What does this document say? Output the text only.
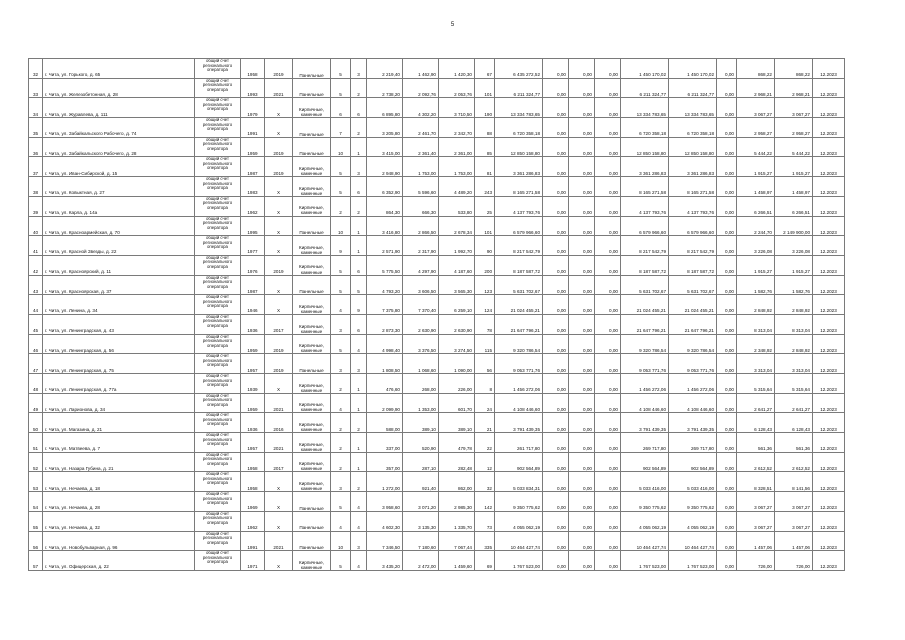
5
32	г. Чита, ул. Горького, д. 65	общий счет регионального оператора	1958	2019	Панельные	5	3	2 219,40	1 462,90	1 420,30	67	6 435 272,52	0,00	0,00	0,00	1 450 170,02	1 450 170,02	0,00	868,22	868,22	12.2023
33	г. Чита, ул. Железобетонная, д. 28	общий счет регионального оператора	1993	2021	Панельные	5	2	2 738,20	2 092,76	2 053,76	101	6 211 324,77	0,00	0,00	0,00	6 211 324,77	6 211 324,77	0,00	2 968,21	2 968,21	12.2023
34	г. Чита, ул. Журавлева, д. 111	общий счет регионального оператора	1979	Х	Кирпичные, каменные	6	6	6 895,80	4 302,20	3 710,50	190	13 334 783,65	0,00	0,00	0,00	13 334 783,65	13 334 783,65	0,00	3 067,27	3 067,27	12.2023
35	г. Чита, ул. Забайкальского Рабочего, д. 74	общий счет регионального оператора	1991	Х	Панельные	7	2	3 205,80	2 461,70	2 342,70	88	6 720 358,18	0,00	0,00	0,00	6 720 358,18	6 720 358,18	0,00	2 958,27	2 958,27	12.2023
36	г. Чита, ул. Забайкальского Рабочего, д. 28	общий счет регионального оператора	1959	2019	Панельные	10	1	3 415,00	2 361,40	2 361,00	85	12 850 158,80	0,00	0,00	0,00	12 850 158,80	12 850 158,80	0,00	5 444,22	5 444,22	12.2023
37	г. Чита, ул. Иван-Сибирской, д. 15	общий счет регионального оператора	1987	2019	Кирпичные, каменные	5	3	2 948,90	1 753,00	1 753,00	81	3 361 286,83	0,00	0,00	0,00	3 361 286,83	3 361 286,83	0,00	1 915,27	1 915,27	12.2023
38	г. Чита, ул. Ковыктная, д. 27	общий счет регионального оператора	1983	Х	Кирпичные, каменные	5	6	6 352,90	5 596,60	4 489,20	243	8 165 271,58	0,00	0,00	0,00	8 165 271,58	8 165 271,58	0,00	1 458,97	1 458,97	12.2023
39	г. Чита, ул. Карла, д. 14а	общий счет регионального оператора	1962	Х	Кирпичные, каменные	2	2	864,30	666,30	533,80	25	4 137 793,76	0,00	0,00	0,00	4 137 793,76	4 137 793,76	0,00	6 266,51	6 266,51	12.2023
40	г. Чита, ул. Красноармейская, д. 70	общий счет регионального оператора	1995	Х	Панельные	10	1	3 416,80	2 866,50	2 678,34	101	6 579 966,60	0,00	0,00	0,00	6 579 966,60	6 579 966,60	0,00	2 244,70	2 149 900,00	12.2023
41	г. Чита, ул. Красной Звезды, д. 22	общий счет регионального оператора	1977	Х	Кирпичные, каменные	9	1	2 571,90	2 317,90	1 992,70	90	8 217 542,79	0,00	0,00	0,00	8 217 542,79	8 217 542,79	0,00	3 226,08	3 226,08	12.2023
42	г. Чита, ул. Красноярский, д. 11	общий счет регионального оператора	1976	2019	Кирпичные, каменные	5	6	5 775,50	4 297,90	4 187,60	200	8 187 587,72	0,00	0,00	0,00	8 187 587,72	8 187 587,72	0,00	1 915,27	1 915,27	12.2023
43	г. Чита, ул. Красноярская, д. 37	общий счет регионального оператора	1987	Х	Панельные	5	5	4 793,20	3 606,50	3 565,30	123	5 631 702,67	0,00	0,00	0,00	5 631 702,67	5 631 702,67	0,00	1 582,76	1 582,76	12.2023
44	г. Чита, ул. Ленина, д. 34	общий счет регионального оператора	1946	Х	Кирпичные, каменные	4	9	7 375,80	7 370,40	6 259,10	124	21 024 455,21	0,00	0,00	0,00	21 024 455,21	21 024 455,21	0,00	2 848,92	2 848,92	12.2023
45	г. Чита, ул. Ленинградская, д. 43	общий счет регионального оператора	1936	2017	Кирпичные, каменные	3	6	2 873,30	2 630,90	2 630,90	78	21 647 796,21	0,00	0,00	0,00	21 647 796,21	21 647 796,21	0,00	8 313,04	8 313,04	12.2023
46	г. Чита, ул. Ленинградская, д. 56	общий счет регионального оператора	1959	2019	Кирпичные, каменные	5	4	4 998,40	3 376,50	3 274,50	115	9 320 786,54	0,00	0,00	0,00	9 320 786,54	9 320 786,54	0,00	2 348,92	2 848,92	12.2023
47	г. Чита, ул. Ленинградская, д. 75	общий счет регионального оператора	1957	2019	Панельные	3	3	1 808,50	1 068,60	1 090,00	56	9 053 771,76	0,00	0,00	0,00	9 053 771,76	9 053 771,76	0,00	3 313,04	3 313,04	12.2023
48	г. Чита, ул. Ленинградская, д. 77а	общий счет регионального оператора	1939	Х	Кирпичные, каменные	2	1	476,60	268,00	226,00	8	1 456 272,06	0,00	0,00	0,00	1 456 272,06	1 456 272,06	0,00	5 315,64	5 315,64	12.2023
49	г. Чита, ул. Ларионова, д. 34	общий счет регионального оператора	1959	2021	Кирпичные, каменные	4	1	2 099,90	1 353,00	601,70	24	4 108 446,60	0,00	0,00	0,00	4 108 446,60	4 108 446,60	0,00	2 641,27	2 641,27	12.2023
50	г. Чита, ул. Магазина, д. 21	общий счет регионального оператора	1936	2016	Кирпичные, каменные	2	2	588,00	389,10	389,10	21	3 791 439,35	0,00	0,00	0,00	3 791 439,35	3 791 439,35	0,00	6 128,43	6 128,43	12.2023
51	г. Чита, ул. Матвеева, д. 7	общий счет регионального оператора	1957	2021	Кирпичные, каменные	2	1	337,00	520,90	479,78	22	261 717,80	0,00	0,00	0,00	269 717,80	269 717,80	0,00	561,36	561,36	12.2023
52	г. Чита, ул. Назара Губина, д. 21	общий счет регионального оператора	1958	2017	Кирпичные, каменные	2	1	357,00	287,10	282,48	12	902 564,89	0,00	0,00	0,00	902 564,89	902 564,89	0,00	2 612,52	2 612,52	12.2023
53	г. Чита, ул. Нечаева, д. 18	общий счет регионального оператора	1958	Х	Кирпичные, каменные	3	2	1 272,00	921,40	862,00	32	5 033 834,31	0,00	0,00	0,00	5 033 416,00	5 033 416,00	0,00	8 328,51	8 141,56	12.2023
54	г. Чита, ул. Нечаева, д. 28	общий счет регионального оператора	1969	Х	Панельные	5	4	3 958,60	3 071,20	2 985,30	142	9 350 775,62	0,00	0,00	0,00	9 350 775,62	9 350 775,62	0,00	3 067,27	3 067,27	12.2023
55	г. Чита, ул. Нечаева, д. 32	общий счет регионального оператора	1962	Х	Панельные	4	4	4 602,30	3 135,30	1 335,70	73	4 055 062,19	0,00	0,00	0,00	4 055 062,19	4 055 062,19	0,00	3 067,27	3 067,27	12.2023
56	г. Чита, ул. Новобульварная, д. 96	общий счет регионального оператора	1991	2021	Панельные	10	3	7 346,50	7 180,60	7 067,44	335	10 464 427,74	0,00	0,00	0,00	10 464 427,74	10 464 427,74	0,00	1 457,06	1 457,06	12.2023
57	г. Чита, ул. Офицерская, д. 22	общий счет регионального оператора	1971	Х	Кирпичные, каменные	5	4	3 435,20	2 472,00	1 459,60	69	1 767 523,00	0,00	0,00	0,00	1 767 523,00	1 767 523,00	0,00	726,00	726,00	12.2023
